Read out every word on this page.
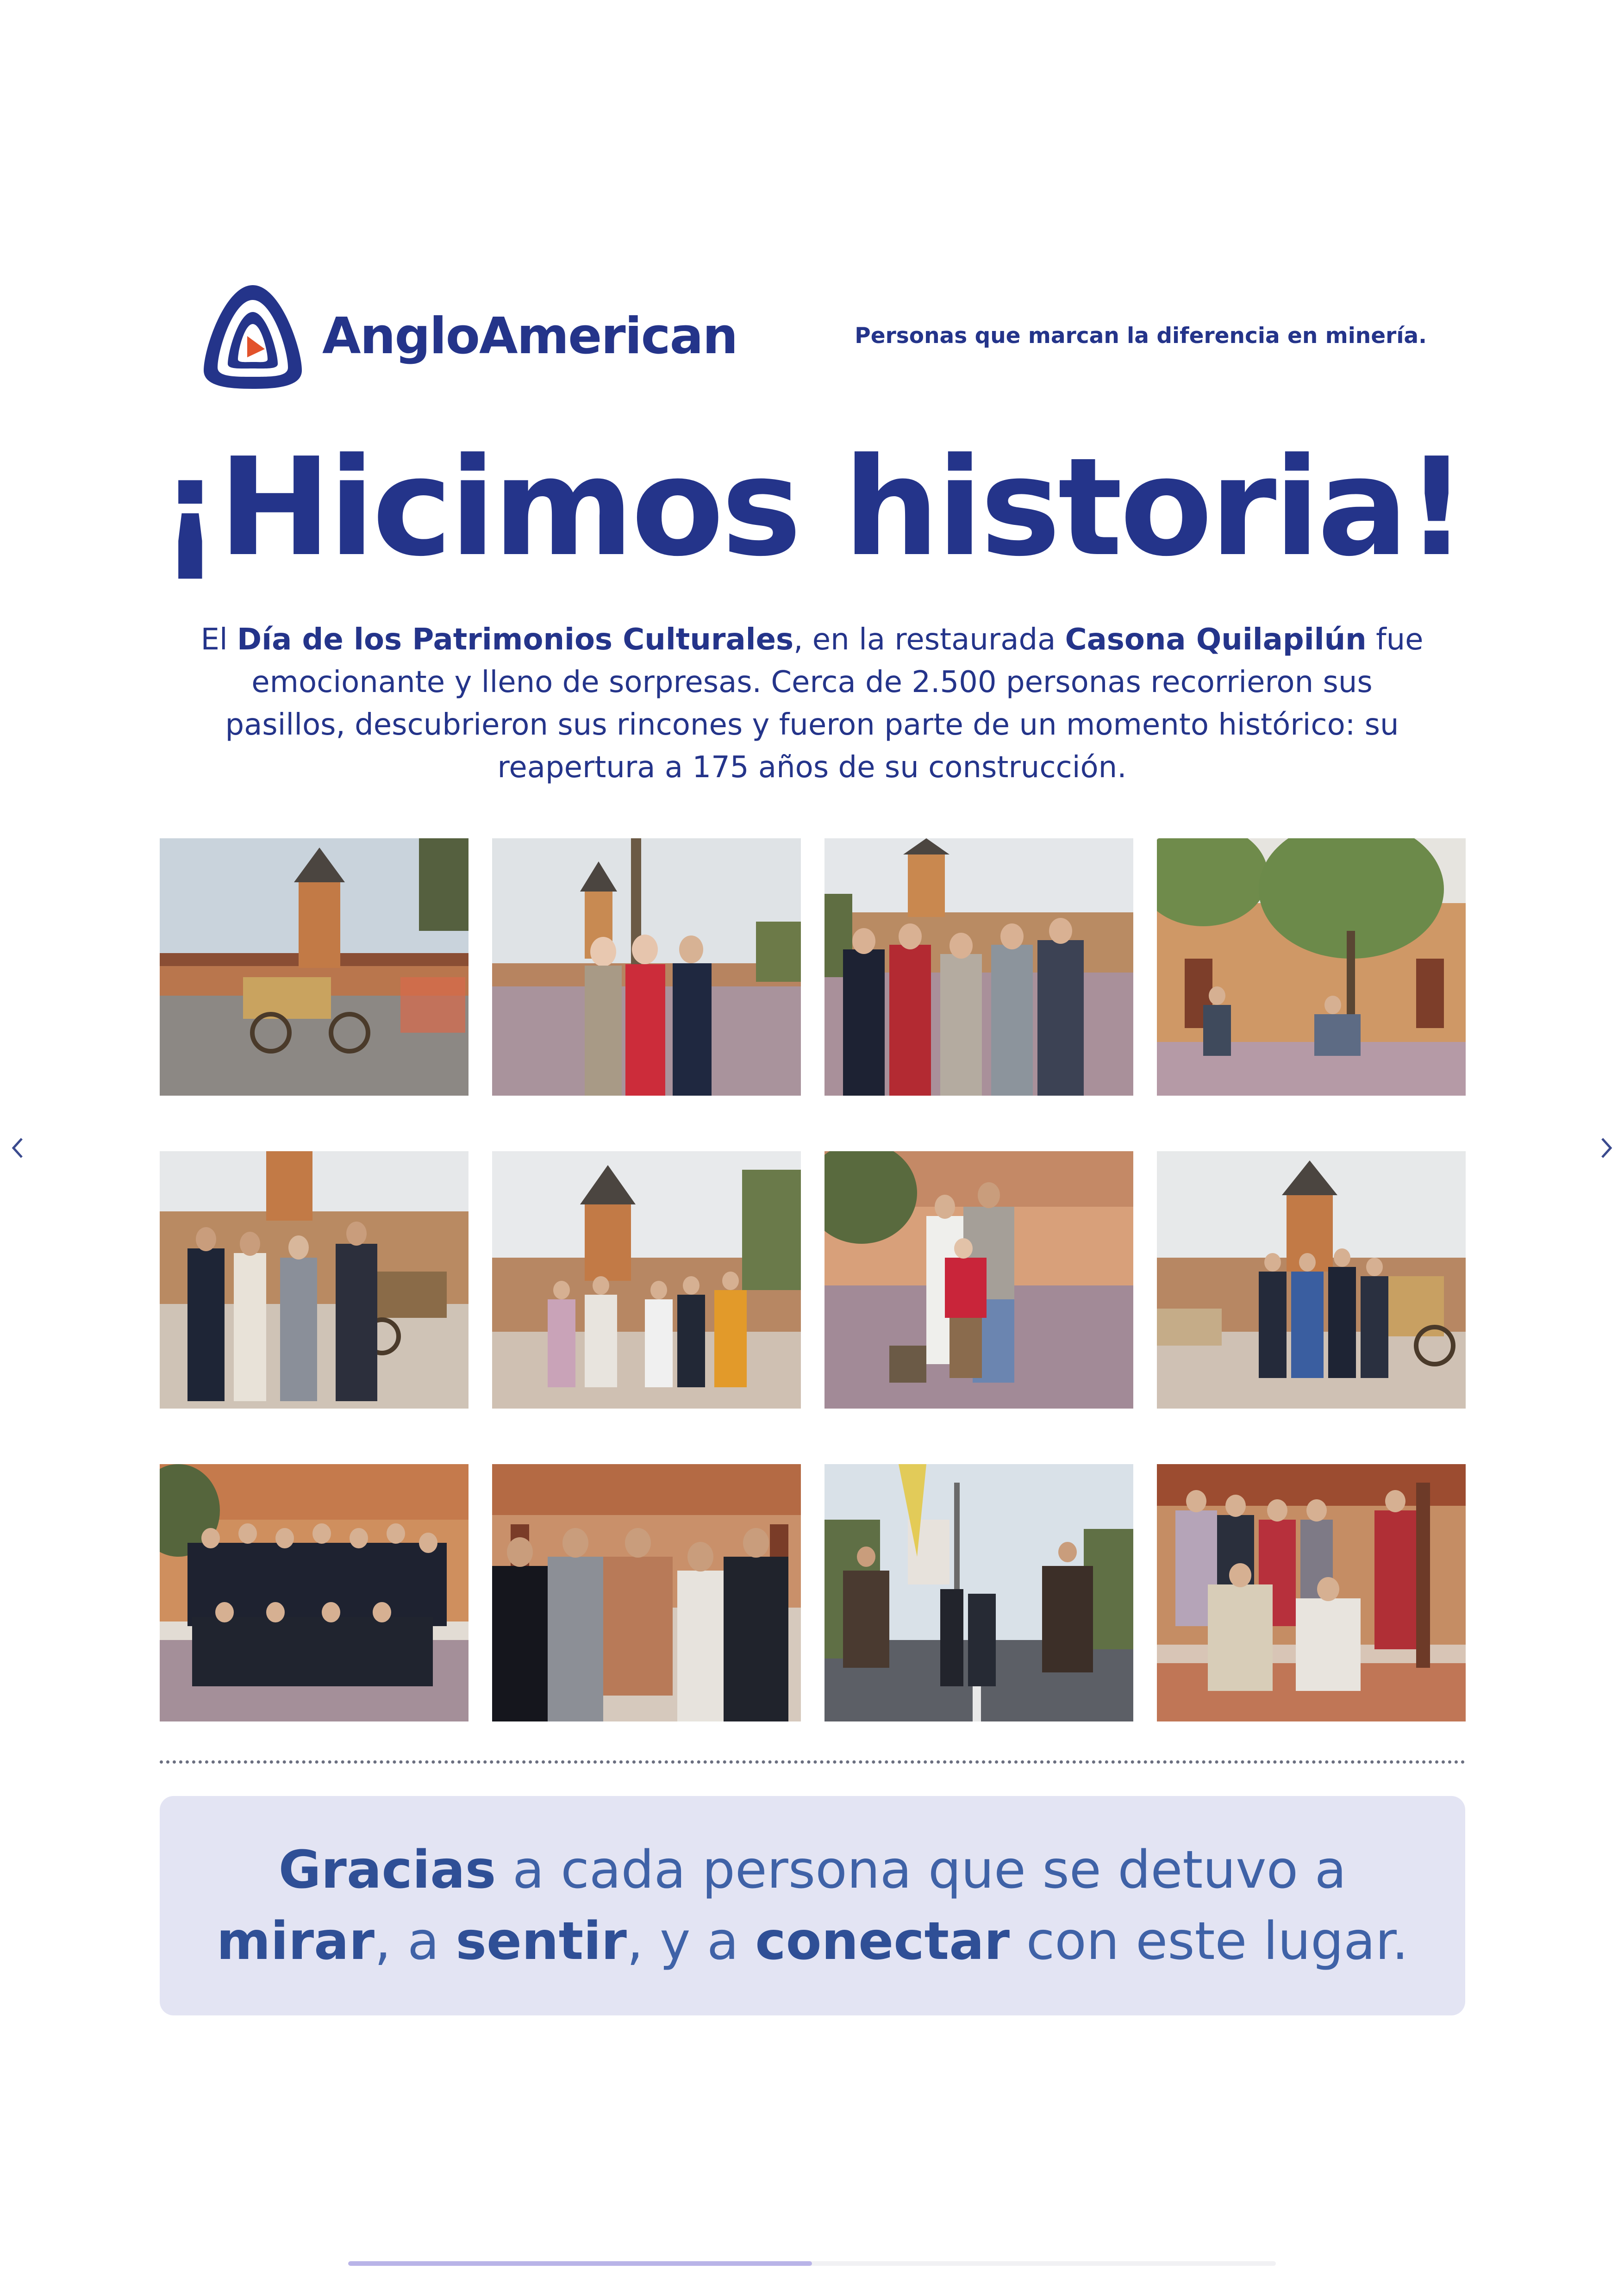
AngloAmerican	Personas que marcan la diferencia en minería.
¡Hicimos historia!

El Día de los Patrimonios Culturales, en la restaurada Casona Quilapilún fue emocionante y lleno de sorpresas. Cerca de 2.500 personas recorrieron sus pasillos, descubrieron sus rincones y fueron parte de un momento histórico: su reapertura a 175 años de su construcción.

Gracias a cada persona que se detuvo a
mirar, a sentir, y a conectar con este lugar.
